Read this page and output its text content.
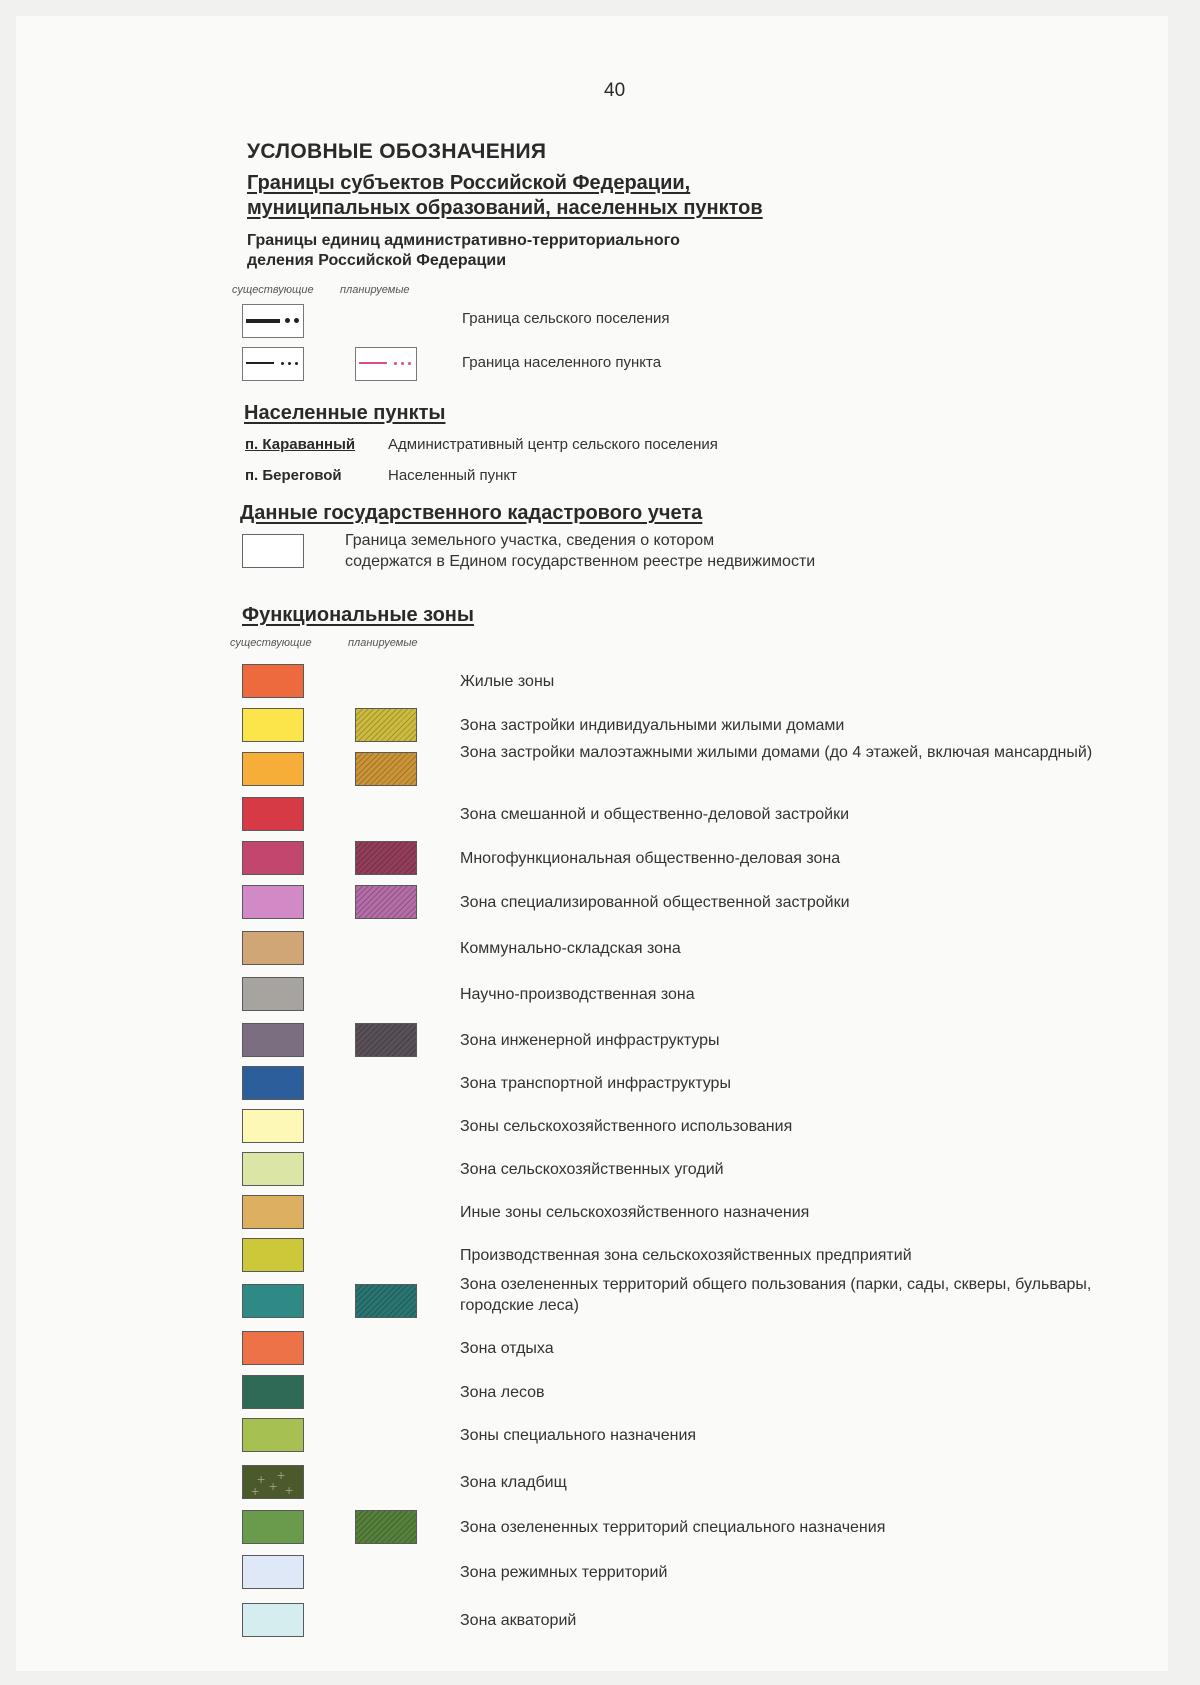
40
УСЛОВНЫЕ ОБОЗНАЧЕНИЯ
Границы субъектов Российской Федерации,
муниципальных образований, населенных пунктов
Границы единиц административно-территориального
деления Российской Федерации
существующие планируемые
Граница сельского поселения
Граница населенного пункта
Населенные пункты
п. Караванный Административный центр сельского поселения
п. Береговой	Населенный пункт
Данные государственного кадастрового учета
Граница земельного участка, сведения о котором
содержатся в Едином государственном реестре недвижимости
Функциональные зоны
существующие	планируемые
Жилые зоны
Зона застройки индивидуальными жилыми домами
Зона застройки малоэтажными жилыми домами (до 4 этажей, включая мансардный)
Зона смешанной и общественно-деловой застройки
Многофункциональная общественно-деловая зона
Зона специализированной общественной застройки
Коммунально-складская зона
Научно-производственная зона
Зона инженерной инфраструктуры
Зона транспортной инфраструктуры
Зоны сельскохозяйственного использования
Зона сельскохозяйственных угодий
Иные зоны сельскохозяйственного назначения
Производственная зона сельскохозяйственных предприятий
Зона озелененных территорий общего пользования (парки, сады, скверы, бульвары, городские леса)
Зона отдыха
Зона лесов
Зоны специального назначения
+ +
+ +
+	Зона кладбищ
Зона озелененных территорий специального назначения
Зона режимных территорий
Зона акваторий
